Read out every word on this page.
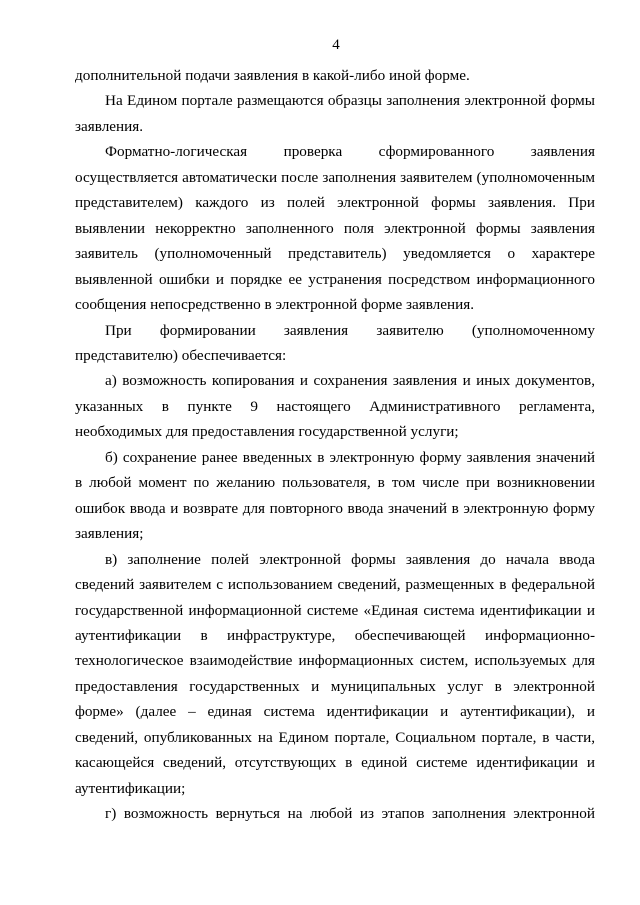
4

дополнительной подачи заявления в какой-либо иной форме.

На Едином портале размещаются образцы заполнения электронной формы заявления.

Форматно-логическая проверка сформированного заявления осуществляется автоматически после заполнения заявителем (уполномоченным представителем) каждого из полей электронной формы заявления. При выявлении некорректно заполненного поля электронной формы заявления заявитель (уполномоченный представитель) уведомляется о характере выявленной ошибки и порядке ее устранения посредством информационного сообщения непосредственно в электронной форме заявления.

При формировании заявления заявителю (уполномоченному представителю) обеспечивается:

а) возможность копирования и сохранения заявления и иных документов, указанных в пункте 9 настоящего Административного регламента, необходимых для предоставления государственной услуги;

б) сохранение ранее введенных в электронную форму заявления значений в любой момент по желанию пользователя, в том числе при возникновении ошибок ввода и возврате для повторного ввода значений в электронную форму заявления;

в) заполнение полей электронной формы заявления до начала ввода сведений заявителем с использованием сведений, размещенных в федеральной государственной информационной системе «Единая система идентификации и аутентификации в инфраструктуре, обеспечивающей информационно-технологическое взаимодействие информационных систем, используемых для предоставления государственных и муниципальных услуг в электронной форме» (далее – единая система идентификации и аутентификации), и сведений, опубликованных на Едином портале, Социальном портале, в части, касающейся сведений, отсутствующих в единой системе идентификации и аутентификации;

г) возможность вернуться на любой из этапов заполнения электронной
